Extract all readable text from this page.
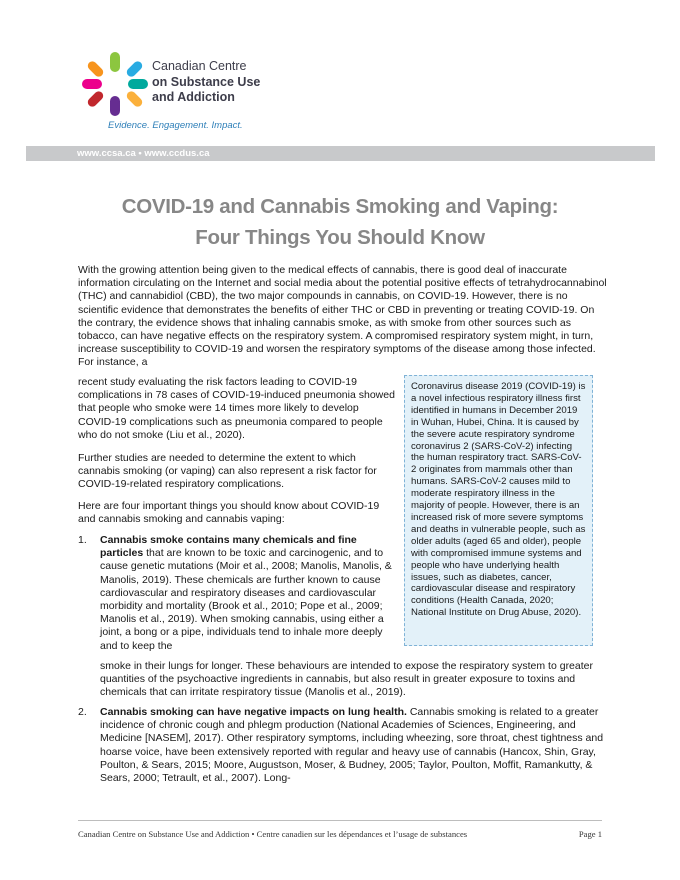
Canadian Centre
on Substance Use
and Addiction
Evidence. Engagement. Impact.
www.ccsa.ca • www.ccdus.ca
COVID-19 and Cannabis Smoking and Vaping:
Four Things You Should Know
With the growing attention being given to the medical effects of cannabis, there is good deal of inaccurate information circulating on the Internet and social media about the potential positive effects of tetrahydrocannabinol (THC) and cannabidiol (CBD), the two major compounds in cannabis, on COVID-19. However, there is no scientific evidence that demonstrates the benefits of either THC or CBD in preventing or treating COVID-19. On the contrary, the evidence shows that inhaling cannabis smoke, as with smoke from other sources such as tobacco, can have negative effects on the respiratory system. A compromised respiratory system might, in turn, increase susceptibility to COVID-19 and worsen the respiratory symptoms of the disease among those infected. For instance, a
recent study evaluating the risk factors leading to COVID-19 complications in 78 cases of COVID-19-induced pneumonia showed that people who smoke were 14 times more likely to develop COVID-19 complications such as pneumonia compared to people who do not smoke (Liu et al., 2020).
Further studies are needed to determine the extent to which cannabis smoking (or vaping) can also represent a risk factor for COVID-19-related respiratory complications.
Here are four important things you should know about COVID-19 and cannabis smoking and cannabis vaping:
Coronavirus disease 2019 (COVID-19) is a novel infectious respiratory illness first identified in humans in December 2019 in Wuhan, Hubei, China. It is caused by the severe acute respiratory syndrome coronavirus 2 (SARS-CoV-2) infecting the human respiratory tract. SARS-CoV-2 originates from mammals other than humans. SARS-CoV-2 causes mild to moderate respiratory illness in the majority of people. However, there is an increased risk of more severe symptoms and deaths in vulnerable people, such as older adults (aged 65 and older), people with compromised immune systems and people who have underlying health issues, such as diabetes, cancer, cardiovascular disease and respiratory conditions (Health Canada, 2020; National Institute on Drug Abuse, 2020).
1. Cannabis smoke contains many chemicals and fine particles that are known to be toxic and carcinogenic, and to cause genetic mutations (Moir et al., 2008; Manolis, Manolis, & Manolis, 2019). These chemicals are further known to cause cardiovascular and respiratory diseases and cardiovascular morbidity and mortality (Brook et al., 2010; Pope et al., 2009; Manolis et al., 2019). When smoking cannabis, using either a joint, a bong or a pipe, individuals tend to inhale more deeply and to keep the
smoke in their lungs for longer. These behaviours are intended to expose the respiratory system to greater quantities of the psychoactive ingredients in cannabis, but also result in greater exposure to toxins and chemicals that can irritate respiratory tissue (Manolis et al., 2019).
2. Cannabis smoking can have negative impacts on lung health. Cannabis smoking is related to a greater incidence of chronic cough and phlegm production (National Academies of Sciences, Engineering, and Medicine [NASEM], 2017). Other respiratory symptoms, including wheezing, sore throat, chest tightness and hoarse voice, have been extensively reported with regular and heavy use of cannabis (Hancox, Shin, Gray, Poulton, & Sears, 2015; Moore, Augustson, Moser, & Budney, 2005; Taylor, Poulton, Moffit, Ramankutty, & Sears, 2000; Tetrault, et al., 2007). Long-
Canadian Centre on Substance Use and Addiction • Centre canadien sur les dépendances et l’usage de substances	Page 1
